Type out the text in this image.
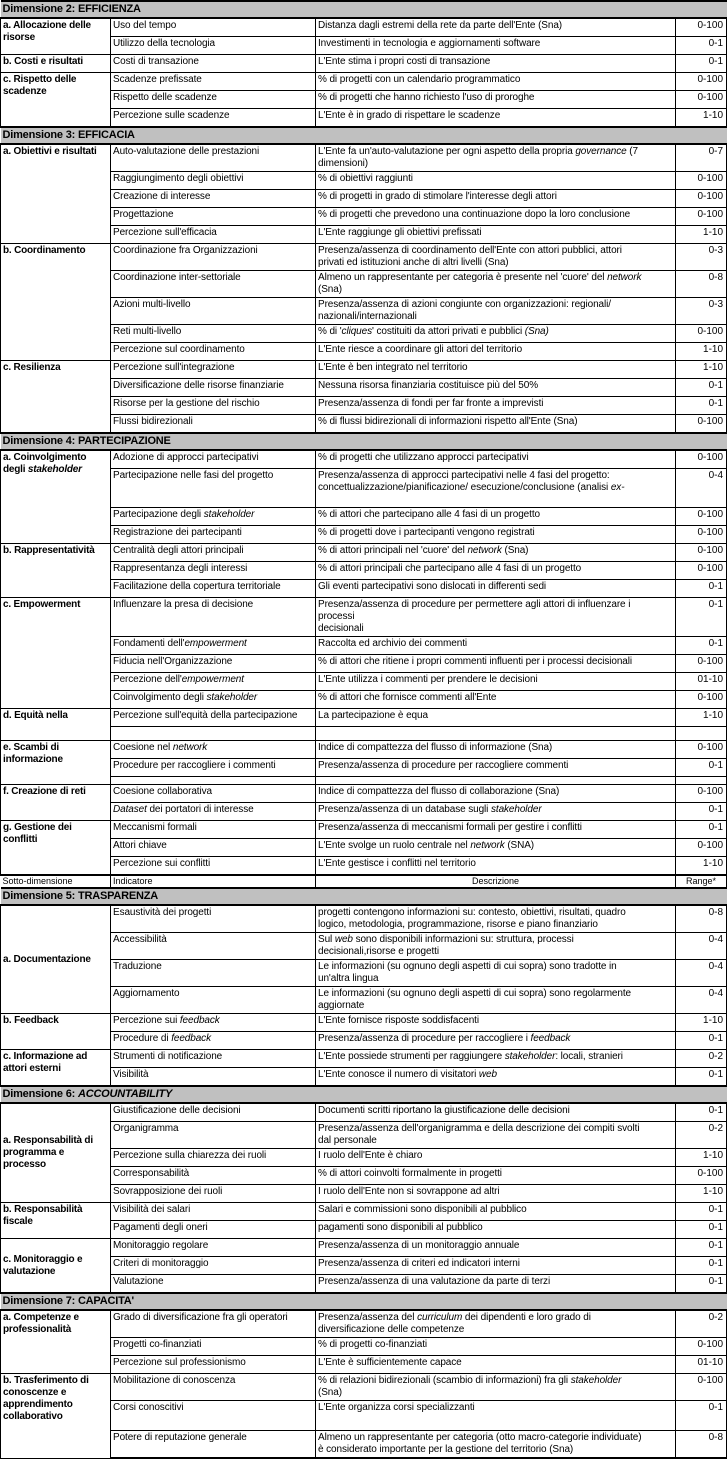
Dimensione 2: EFFICIENZA			
a. Allocazione delle
risorse	Uso del tempo	Distanza dagli estremi della rete da parte dell'Ente (Sna)	0-100
	Utilizzo della tecnologia	Investimenti in tecnologia e aggiornamenti software	0-1
b. Costi e risultati	Costi di transazione	L'Ente stima i propri costi di transazione	0-1
c. Rispetto delle
scadenze	Scadenze prefissate	% di progetti con un calendario programmatico	0-100
	Rispetto delle scadenze	% di progetti che hanno richiesto l'uso di proroghe	0-100
	Percezione sulle scadenze	L'Ente è in grado di rispettare le scadenze	1-10
Dimensione 3: EFFICACIA			
a. Obiettivi e risultati	Auto-valutazione delle prestazioni	L'Ente fa un'auto-valutazione per ogni aspetto della propria governance (7
dimensioni)	0-7
	Raggiungimento degli obiettivi	% di obiettivi raggiunti	0-100
	Creazione di interesse	% di progetti in grado di stimolare l'interesse degli attori	0-100
	Progettazione	% di progetti che prevedono una continuazione dopo la loro conclusione	0-100
	Percezione sull'efficacia	L'Ente raggiunge gli obiettivi prefissati	1-10
b. Coordinamento	Coordinazione fra Organizzazioni	Presenza/assenza di coordinamento dell'Ente con attori pubblici, attori
privati ed istituzioni anche di altri livelli (Sna)	0-3
	Coordinazione inter-settoriale	Almeno un rappresentante per categoria è presente nel 'cuore' del network
(Sna)	0-8
	Azioni multi-livello	Presenza/assenza di azioni congiunte con organizzazioni: regionali/
nazionali/internazionali	0-3
	Reti multi-livello	% di 'cliques' costituiti da attori privati e pubblici (Sna)	0-100
	Percezione sul coordinamento	L'Ente riesce a coordinare gli attori del territorio	1-10
c. Resilienza	Percezione sull'integrazione	L'Ente è ben integrato nel territorio	1-10
	Diversificazione delle risorse finanziarie	Nessuna risorsa finanziaria costituisce più del 50%	0-1
	Risorse per la gestione del rischio	Presenza/assenza di fondi per far fronte a imprevisti	0-1
	Flussi bidirezionali	% di flussi bidirezionali di informazioni rispetto all'Ente (Sna)	0-100
Dimensione 4: PARTECIPAZIONE			
a. Coinvolgimento
degli stakeholder	Adozione di approcci partecipativi	% di progetti che utilizzano approcci partecipativi	0-100
	Partecipazione nelle fasi del progetto	Presenza/assenza di approcci partecipativi nelle 4 fasi del progetto:
concettualizzazione/pianificazione/ esecuzione/conclusione (analisi ex-	0-4
	Partecipazione degli stakeholder	% di attori che partecipano alle 4 fasi di un progetto	0-100
	Registrazione dei partecipanti	% di progetti dove i partecipanti vengono registrati	0-100
b. Rappresentatività	Centralità degli attori principali	% di attori principali nel 'cuore' del network (Sna)	0-100
	Rappresentanza degli interessi	% di attori principali che partecipano alle 4 fasi di un progetto	0-100
	Facilitazione della copertura territoriale	Gli eventi partecipativi sono dislocati in differenti sedi	0-1
c. Empowerment	Influenzare la presa di decisione	Presenza/assenza di procedure per permettere agli attori di influenzare i
processi
decisionali	0-1
	Fondamenti dell'empowerment	Raccolta ed archivio dei commenti	0-1
	Fiducia nell'Organizzazione	% di attori che ritiene i propri commenti influenti per i processi decisionali	0-100
	Percezione dell'empowerment	L'Ente utilizza i commenti per prendere le decisioni	01-10
	Coinvolgimento degli stakeholder	% di attori che fornisce commenti all'Ente	0-100
d. Equità nella	Percezione sull'equità della partecipazione	La partecipazione è equa	1-10

e. Scambi di
informazione	Coesione nel network	Indice di compattezza del flusso di informazione (Sna)	0-100
	Procedure per raccogliere i commenti	Presenza/assenza di procedure per raccogliere commenti	0-1

f. Creazione di reti	Coesione collaborativa	Indice di compattezza del flusso di collaborazione (Sna)	0-100
	Dataset dei portatori di interesse	Presenza/assenza di un database sugli stakeholder	0-1
g. Gestione dei
conflitti	Meccanismi formali	Presenza/assenza di meccanismi formali per gestire i conflitti	0-1
	Attori chiave	L'Ente svolge un ruolo centrale nel network (SNA)	0-100
	Percezione sui conflitti	L'Ente gestisce i conflitti nel territorio	1-10
Sotto-dimensione	Indicatore	Descrizione	Range*
Dimensione 5: TRASPARENZA			
a. Documentazione	Esaustività dei progetti	progetti contengono informazioni su: contesto, obiettivi, risultati, quadro
logico, metodologia, programmazione, risorse e piano finanziario	0-8
	Accessibilità	Sul web sono disponibili informazioni su: struttura, processi
decisionali,risorse e progetti	0-4
	Traduzione	Le informazioni (su ognuno degli aspetti di cui sopra) sono tradotte in
un'altra lingua	0-4
	Aggiornamento	Le informazioni (su ognuno degli aspetti di cui sopra) sono regolarmente
aggiornate	0-4
b. Feedback	Percezione sui feedback	L'Ente fornisce risposte soddisfacenti	1-10
	Procedure di feedback	Presenza/assenza di procedure per raccogliere i feedback	0-1
c. Informazione ad
attori esterni	Strumenti di notificazione	L'Ente possiede strumenti per raggiungere stakeholder: locali, stranieri	0-2
	Visibilità	L'Ente conosce il numero di visitatori web	0-1
Dimensione 6: ACCOUNTABILITY			
a. Responsabilità di
programma e
processo	Giustificazione delle decisioni	Documenti scritti riportano la giustificazione delle decisioni	0-1
	Organigramma	Presenza/assenza dell'organigramma e della descrizione dei compiti svolti
dal personale	0-2
	Percezione sulla chiarezza dei ruoli	I ruolo dell'Ente è chiaro	1-10
	Corresponsabilità	% di attori coinvolti formalmente in progetti	0-100
	Sovrapposizione dei ruoli	I ruolo dell'Ente non si sovrappone ad altri	1-10
b. Responsabilità
fiscale	Visibilità dei salari	Salari e commissioni sono disponibili al pubblico	0-1
	Pagamenti degli oneri	pagamenti sono disponibili al pubblico	0-1
c. Monitoraggio e
valutazione	Monitoraggio regolare	Presenza/assenza di un monitoraggio annuale	0-1
	Criteri di monitoraggio	Presenza/assenza di criteri ed indicatori interni	0-1
	Valutazione	Presenza/assenza di una valutazione da parte di terzi	0-1
Dimensione 7: CAPACITA'			
a. Competenze e
professionalità	Grado di diversificazione fra gli operatori	Presenza/assenza del curriculum dei dipendenti e loro grado di
diversificazione delle competenze	0-2
	Progetti co-finanziati	% di progetti co-finanziati	0-100
	Percezione sul professionismo	L'Ente è sufficientemente capace	01-10
b. Trasferimento di
conoscenze e
apprendimento
collaborativo	Mobilitazione di conoscenza	% di relazioni bidirezionali (scambio di informazioni) fra gli stakeholder
(Sna)	0-100
	Corsi conoscitivi	L'Ente organizza corsi specializzanti	0-1
	Potere di reputazione generale	Almeno un rappresentante per categoria (otto macro-categorie individuate)
è considerato importante per la gestione del territorio (Sna)	0-8
